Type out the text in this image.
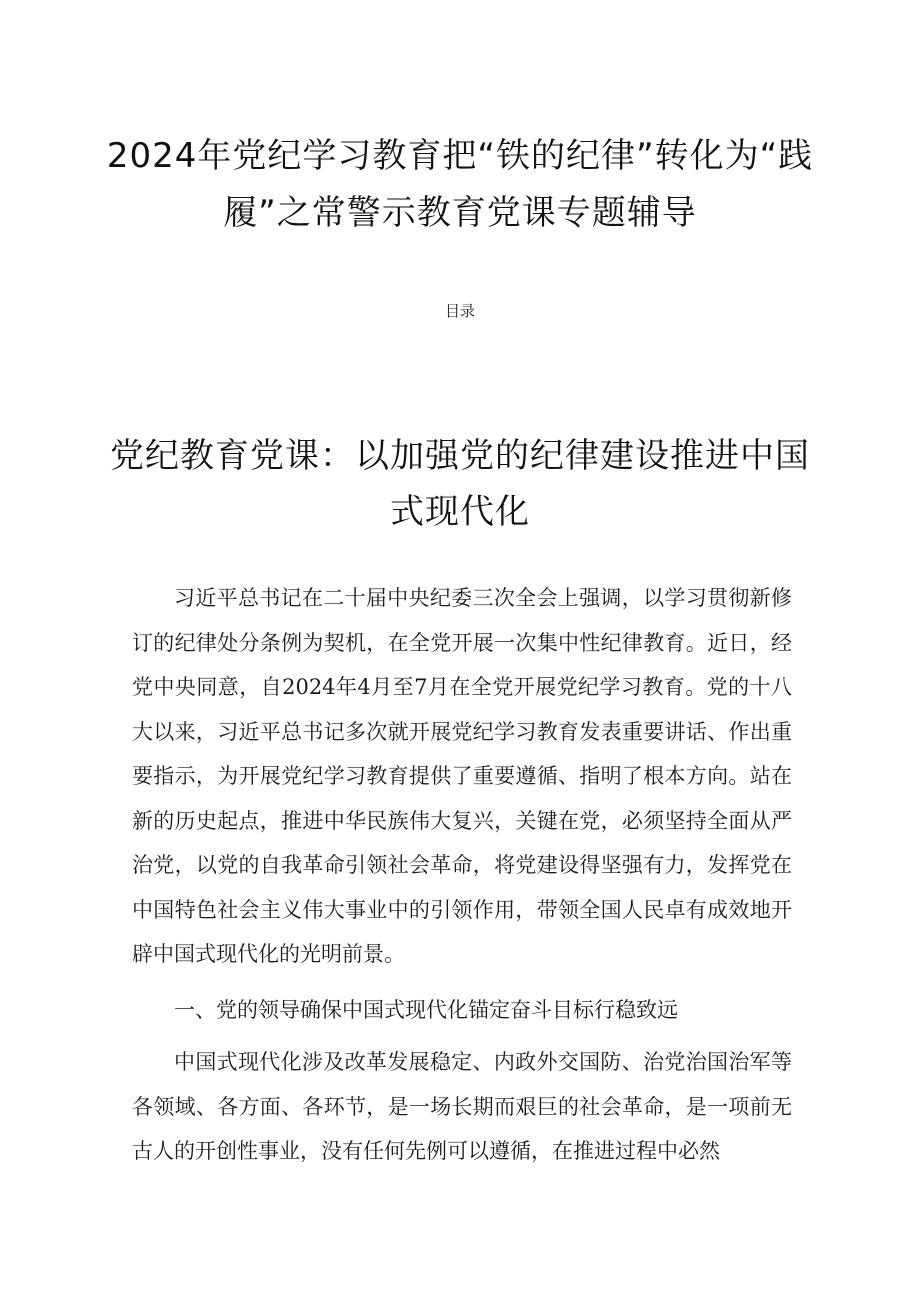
2024年党纪学习教育把“铁的纪律”转化为“践履”之常警示教育党课专题辅导
目录
党纪教育党课：以加强党的纪律建设推进中国式现代化

习近平总书记在二十届中央纪委三次全会上强调，以学习贯彻新修订的纪律处分条例为契机，在全党开展一次集中性纪律教育。近日，经党中央同意，自2024年4月至7月在全党开展党纪学习教育。党的十八大以来，习近平总书记多次就开展党纪学习教育发表重要讲话、作出重要指示，为开展党纪学习教育提供了重要遵循、指明了根本方向。站在新的历史起点，推进中华民族伟大复兴，关键在党，必须坚持全面从严治党，以党的自我革命引领社会革命，将党建设得坚强有力，发挥党在中国特色社会主义伟大事业中的引领作用，带领全国人民卓有成效地开辟中国式现代化的光明前景。

一、党的领导确保中国式现代化锚定奋斗目标行稳致远

中国式现代化涉及改革发展稳定、内政外交国防、治党治国治军等各领域、各方面、各环节，是一场长期而艰巨的社会革命，是一项前无古人的开创性事业，没有任何先例可以遵循，在推进过程中必然
